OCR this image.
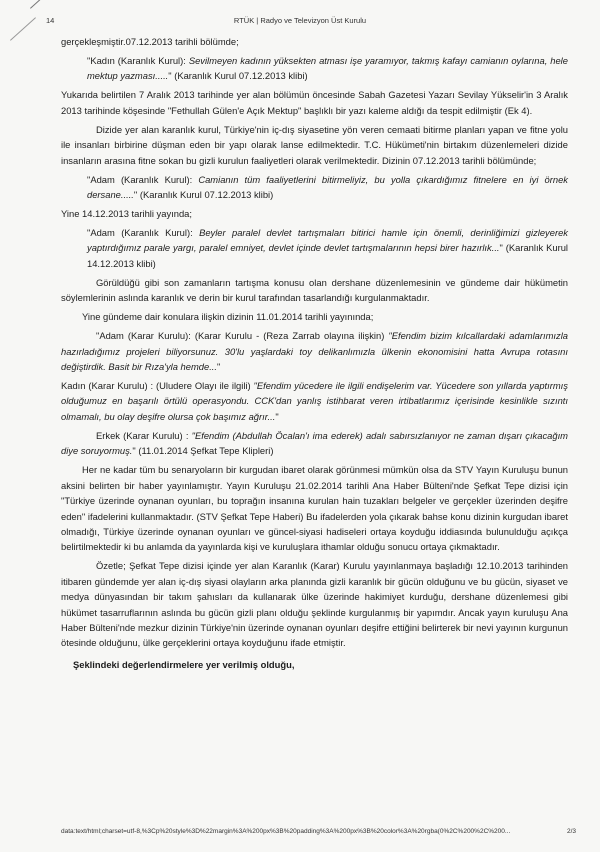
14	RTÜK | Radyo ve Televizyon Üst Kurulu

gerçekleşmiştir.07.12.2013 tarihli bölümde;

"Kadın (Karanlık Kurul): Sevilmeyen kadının yüksekten atması işe yaramıyor, takmış kafayı camianın oylarına, hele mektup yazması....." (Karanlık Kurul 07.12.2013 klibi)

Yukarıda belirtilen 7 Aralık 2013 tarihinde yer alan bölümün öncesinde Sabah Gazetesi Yazarı Sevilay Yükselir'in 3 Aralık 2013 tarihinde köşesinde "Fethullah Gülen'e Açık Mektup" başlıklı bir yazı kaleme aldığı da tespit edilmiştir (Ek 4).

Dizide yer alan karanlık kurul, Türkiye'nin iç-dış siyasetine yön veren cemaati bitirme planları yapan ve fitne yolu ile insanları birbirine düşman eden bir yapı olarak lanse edilmektedir. T.C. Hükümeti'nin birtakım düzenlemeleri dizide insanların arasına fitne sokan bu gizli kurulun faaliyetleri olarak verilmektedir. Dizinin 07.12.2013 tarihli bölümünde;

"Adam (Karanlık Kurul): Camianın tüm faaliyetlerini bitirmeliyiz, bu yolla çıkardığımız fitnelere en iyi örnek dersane....." (Karanlık Kurul 07.12.2013 klibi)

Yine 14.12.2013 tarihli yayında;

"Adam (Karanlık Kurul): Beyler paralel devlet tartışmaları bitirici hamle için önemli, derinliğimizi gizleyerek yaptırdığımız parale yargı, paralel emniyet, devlet içinde devlet tartışmalarının hepsi birer hazırlık..." (Karanlık Kurul 14.12.2013 klibi)

Görüldüğü gibi son zamanların tartışma konusu olan dershane düzenlemesinin ve gündeme dair hükümetin söylemlerinin aslında karanlık ve derin bir kurul tarafından tasarlandığı kurgulanmaktadır.

Yine gündeme dair konulara ilişkin dizinin 11.01.2014 tarihli yayınında;

"Adam (Karar Kurulu): (Karar Kurulu - (Reza Zarrab olayına ilişkin) "Efendim bizim kılcallardaki adamlarımızla hazırladığımız projeleri biliyorsunuz. 30'lu yaşlardaki toy delikanlımızla ülkenin ekonomisini hatta Avrupa rotasını değiştirdik. Basit bir Rıza'yla hemde..."

Kadın (Karar Kurulu) : (Uludere Olayı ile ilgili) "Efendim yücedere ile ilgili endişelerim var. Yücedere son yıllarda yaptırmış olduğumuz en başarılı örtülü operasyondu. CCK'dan yanlış istihbarat veren irtibatlarımız içerisinde kesinlikle sızıntı olmamalı, bu olay deşifre olursa çok başımız ağrır..."

Erkek (Karar Kurulu) : "Efendim (Abdullah Öcalan'ı ima ederek) adalı sabırsızlanıyor ne zaman dışarı çıkacağım diye soruyormuş." (11.01.2014 Şefkat Tepe Klipleri)

Her ne kadar tüm bu senaryoların bir kurgudan ibaret olarak görünmesi mümkün olsa da STV Yayın Kuruluşu bunun aksini belirten bir haber yayınlamıştır. Yayın Kuruluşu 21.02.2014 tarihli Ana Haber Bülteni'nde Şefkat Tepe dizisi için "Türkiye üzerinde oynanan oyunları, bu toprağın insanına kurulan hain tuzakları belgeler ve gerçekler üzerinden deşifre eden" ifadelerini kullanmaktadır. (STV Şefkat Tepe Haberi) Bu ifadelerden yola çıkarak bahse konu dizinin kurgudan ibaret olmadığı, Türkiye üzerinde oynanan oyunları ve güncel-siyasi hadiseleri ortaya koyduğu iddiasında bulunulduğu açıkça belirtilmektedir ki bu anlamda da yayınlarda kişi ve kuruluşlara ithamlar olduğu sonucu ortaya çıkmaktadır.

Özetle; Şefkat Tepe dizisi içinde yer alan Karanlık (Karar) Kurulu yayınlanmaya başladığı 12.10.2013 tarihinden itibaren gündemde yer alan iç-dış siyasi olayların arka planında gizli karanlık bir gücün olduğunu ve bu gücün, siyaset ve medya dünyasından bir takım şahısları da kullanarak ülke üzerinde hakimiyet kurduğu, dershane düzenlemesi gibi hükümet tasarruflarının aslında bu gücün gizli planı olduğu şeklinde kurgulanmış bir yapımdır. Ancak yayın kuruluşu Ana Haber Bülteni'nde mezkur dizinin Türkiye'nin üzerinde oynanan oyunları deşifre ettiğini belirterek bir nevi yayının kurgunun ötesinde olduğunu, ülke gerçeklerini ortaya koyduğunu ifade etmiştir.

Şeklindeki değerlendirmelere yer verilmiş olduğu,

data:text/html;charset=utf-8,%3Cp%20style%3D%22margin%3A%200px%3B%20padding%3A%200px%3B%20color%3A%20rgba(0%2C%200%2C%200...	2/3
